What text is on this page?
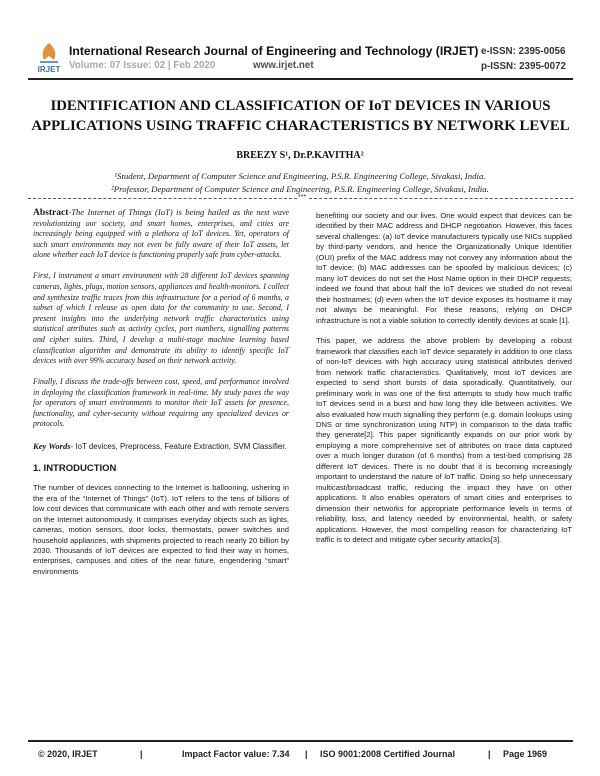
IRJET
International Research Journal of Engineering and Technology (IRJET)
Volume: 07 Issue: 02 | Feb 2020	www.irjet.net
e-ISSN: 2395-0056
p-ISSN: 2395-0072
IDENTIFICATION AND CLASSIFICATION OF IoT DEVICES IN VARIOUS
APPLICATIONS USING TRAFFIC CHARACTERISTICS BY NETWORK LEVEL
BREEZY S¹, Dr.P.KAVITHA²
¹Student, Department of Computer Science and Engineering, P.S.R. Engineering College, Sivakasi, India.
²Professor, Department of Computer Science and Engineering, P.S.R. Engineering College, Sivakasi, India.
***

Abstract-The Internet of Things (IoT) is being hailed as the next wave revolutionizing our society, and smart homes, enterprises, and cities are increasingly being equipped with a plethora of IoT devices. Yet, operators of such smart environments may not even be fully aware of their IoT assets, let alone whether each IoT device is functioning properly safe from cyber-attacks.

First, I instrument a smart environment with 28 different IoT devices spanning cameras, lights, plugs, motion sensors, appliances and health-monitors. I collect and synthesize traffic traces from this infrastructure for a period of 6 months, a subset of which I release as open data for the community to use. Second, I present insights into the underlying network traffic characteristics using statistical attributes such as activity cycles, port numbers, signalling patterns and cipher suites. Third, I develop a multi-stage machine learning based classification algorithm and demonstrate its ability to identify specific IoT devices with over 99% accuracy based on their network activity.

Finally, I discuss the trade-offs between cost, speed, and performance involved in deploying the classification framework in real-time. My study paves the way for operators of smart environments to monitor their IoT assets for presence, functionality, and cyber-security without requiring any specialized devices or protocols.

Key Words- IoT devices, Preprocess, Feature Extraction, SVM Classifier.

1. INTRODUCTION

The number of devices connecting to the Internet is ballooning, ushering in the era of the “Internet of Things” (IoT). IoT refers to the tens of billions of low cost devices that communicate with each other and with remote servers on the Internet autonomously. It comprises everyday objects such as lights, cameras, motion sensors, door locks, thermostats, power switches and household appliances, with shipments projected to reach nearly 20 billion by 2030. Thousands of IoT devices are expected to find their way in homes, enterprises, campuses and cities of the near future, engendering “smart” environments

benefiting our society and our lives. One would expect that devices can be identified by their MAC address and DHCP negotiation. However, this faces several challenges: (a) IoT device manufacturers typically use NICs supplied by third-party vendors, and hence the Organizationally Unique Identifier (OUI) prefix of the MAC address may not convey any information about the IoT device; (b) MAC addresses can be spoofed by malicious devices; (c) many IoT devices do not set the Host Name option in their DHCP requests; indeed we found that about half the IoT devices we studied do not reveal their hostnames; (d) even when the IoT device exposes its hostname it may not always be meaningful. For these reasons, relying on DHCP infrastructure is not a viable solution to correctly identify devices at scale [1].

This paper, we address the above problem by developing a robust framework that classifies each IoT device separately in addition to one class of non-IoT devices with high accuracy using statistical attributes derived from network traffic characteristics. Qualitatively, most IoT devices are expected to send short bursts of data sporadically. Quantitatively, our preliminary work in was one of the first attempts to study how much traffic IoT devices send in a burst and how long they idle between activities. We also evaluated how much signalling they perform (e.g. domain lookups using DNS or time synchronization using NTP) in comparison to the data traffic they generate[2]. This paper significantly expands on our prior work by employing a more comprehensive set of attributes on trace data captured over a much longer duration (of 6 months) from a test-bed comprising 28 different IoT devices. There is no doubt that it is becoming increasingly important to understand the nature of IoT traffic. Doing so help unnecessary multicast/broadcast traffic, reducing the impact they have on other applications. It also enables operators of smart cities and enterprises to dimension their networks for appropriate performance levels in terms of reliability, loss, and latency needed by environmental, health, or safety applications. However, the most compelling reason for characterizing IoT traffic is to detect and mitigate cyber security attacks[3].

© 2020, IRJET	|	Impact Factor value: 7.34 | ISO 9001:2008 Certified Journal	| Page 1969
